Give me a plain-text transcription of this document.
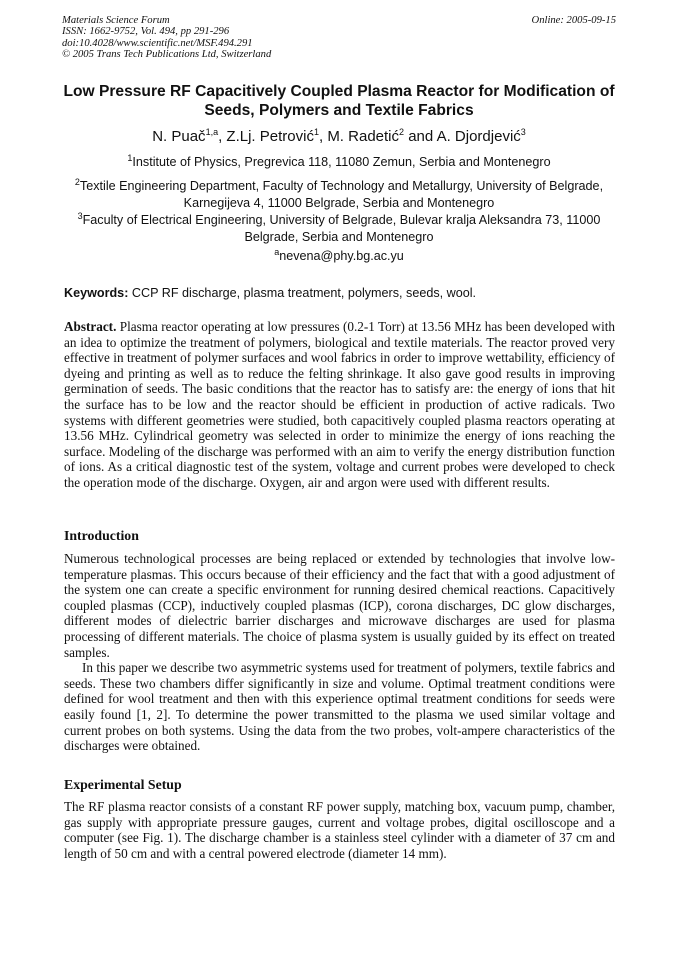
Materials Science Forum
ISSN: 1662-9752, Vol. 494, pp 291-296
doi:10.4028/www.scientific.net/MSF.494.291
© 2005 Trans Tech Publications Ltd, Switzerland
Online: 2005-09-15
Low Pressure RF Capacitively Coupled Plasma Reactor for Modification of Seeds, Polymers and Textile Fabrics
N. Puač$^{1,a}$, Z.Lj. Petrović$^1$, M. Radetić$^2$ and A. Djordjević$^3$
$^1$Institute of Physics, Pregrevica 118, 11080 Zemun, Serbia and Montenegro
$^2$Textile Engineering Department, Faculty of Technology and Metallurgy, University of Belgrade, Karnegijeva 4, 11000 Belgrade, Serbia and Montenegro
$^3$Faculty of Electrical Engineering, University of Belgrade, Bulevar kralja Aleksandra 73, 11000 Belgrade, Serbia and Montenegro
$^a$nevena@phy.bg.ac.yu
Keywords: CCP RF discharge, plasma treatment, polymers, seeds, wool.

Abstract. Plasma reactor operating at low pressures (0.2-1 Torr) at 13.56 MHz has been developed with an idea to optimize the treatment of polymers, biological and textile materials. The reactor proved very effective in treatment of polymer surfaces and wool fabrics in order to improve wettability, efficiency of dyeing and printing as well as to reduce the felting shrinkage. It also gave good results in improving germination of seeds. The basic conditions that the reactor has to satisfy are: the energy of ions that hit the surface has to be low and the reactor should be efficient in production of active radicals. Two systems with different geometries were studied, both capacitively coupled plasma reactors operating at 13.56 MHz. Cylindrical geometry was selected in order to minimize the energy of ions reaching the surface. Modeling of the discharge was performed with an aim to verify the energy distribution function of ions. As a critical diagnostic test of the system, voltage and current probes were developed to check the operation mode of the discharge. Oxygen, air and argon were used with different results.

Introduction

Numerous technological processes are being replaced or extended by technologies that involve low-temperature plasmas. This occurs because of their efficiency and the fact that with a good adjustment of the system one can create a specific environment for running desired chemical reactions. Capacitively coupled plasmas (CCP), inductively coupled plasmas (ICP), corona discharges, DC glow discharges, different modes of dielectric barrier discharges and microwave discharges are used for plasma processing of different materials. The choice of plasma system is usually guided by its effect on treated samples.

In this paper we describe two asymmetric systems used for treatment of polymers, textile fabrics and seeds. These two chambers differ significantly in size and volume. Optimal treatment conditions were defined for wool treatment and then with this experience optimal treatment conditions for seeds were easily found [1, 2]. To determine the power transmitted to the plasma we used similar voltage and current probes on both systems. Using the data from the two probes, volt-ampere characteristics of the discharges were obtained.

Experimental Setup

The RF plasma reactor consists of a constant RF power supply, matching box, vacuum pump, chamber, gas supply with appropriate pressure gauges, current and voltage probes, digital oscilloscope and a computer (see Fig. 1). The discharge chamber is a stainless steel cylinder with a diameter of 37 cm and length of 50 cm and with a central powered electrode (diameter 14 mm).
